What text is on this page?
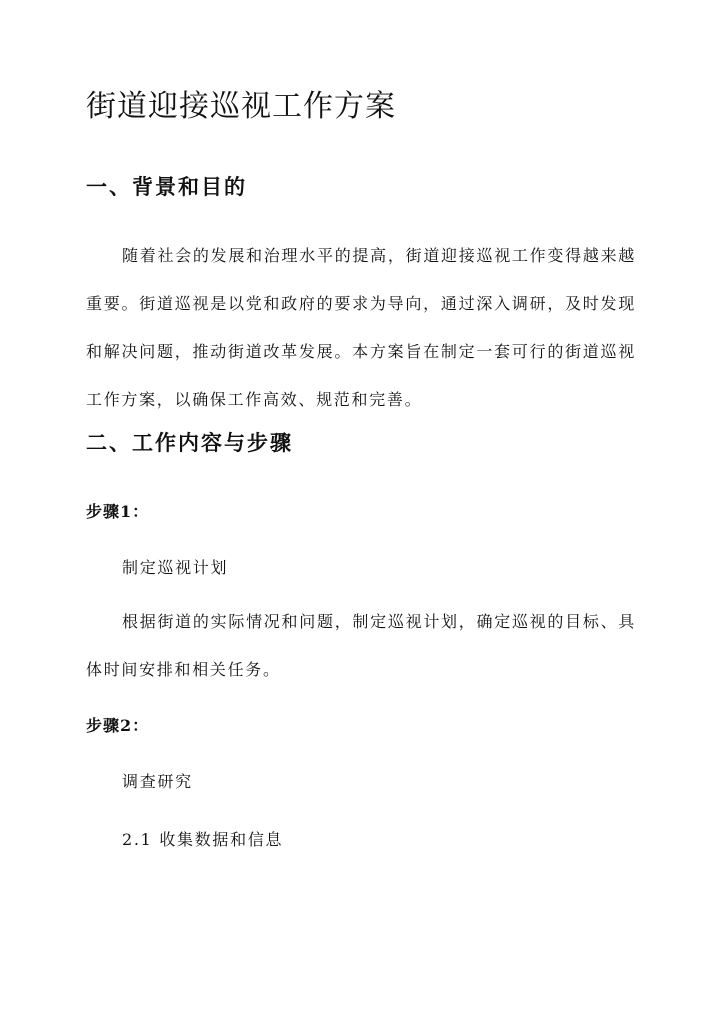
街道迎接巡视工作方案
一、背景和目的
随着社会的发展和治理水平的提高，街道迎接巡视工作变得越来越重要。街道巡视是以党和政府的要求为导向，通过深入调研，及时发现和解决问题，推动街道改革发展。本方案旨在制定一套可行的街道巡视工作方案，以确保工作高效、规范和完善。
二、工作内容与步骤

步骤1：

制定巡视计划

根据街道的实际情况和问题，制定巡视计划，确定巡视的目标、具体时间安排和相关任务。

步骤2：

调查研究

2.1 收集数据和信息
